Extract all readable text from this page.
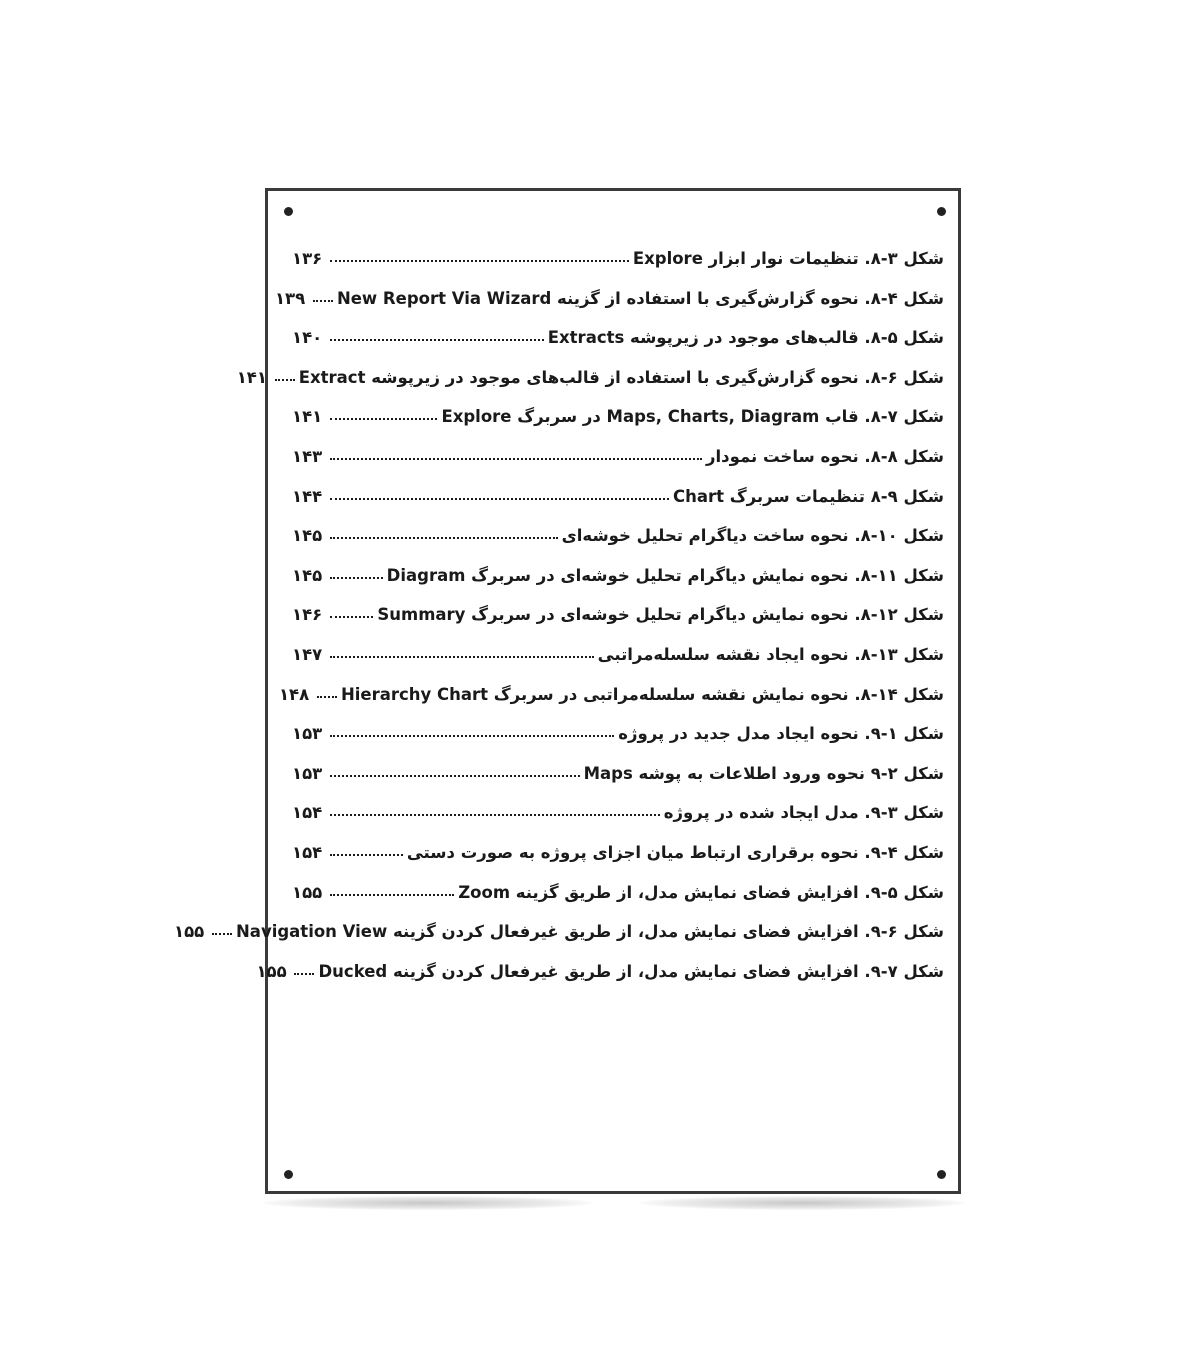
شکل ۳-۸. تنظیمات نوار ابزار Explore
۱۳۶
شکل ۴-۸. نحوه گزارش‌گیری با استفاده از گزینه New Report Via Wizard
۱۳۹
شکل ۵-۸. قالب‌های موجود در زیرپوشه Extracts
۱۴۰
شکل ۶-۸. نحوه گزارش‌گیری با استفاده از قالب‌های موجود در زیرپوشه Extract
۱۴۱
شکل ۷-۸. قاب Maps, Charts, Diagram در سربرگ Explore
۱۴۱
شکل ۸-۸. نحوه ساخت نمودار
۱۴۳
شکل ۹-۸ تنظیمات سربرگ Chart
۱۴۴
شکل ۱۰-۸. نحوه ساخت دیاگرام تحلیل خوشه‌ای
۱۴۵
شکل ۱۱-۸. نحوه نمایش دیاگرام تحلیل خوشه‌ای در سربرگ Diagram
۱۴۵
شکل ۱۲-۸. نحوه نمایش دیاگرام تحلیل خوشه‌ای در سربرگ Summary
۱۴۶
شکل ۱۳-۸. نحوه ایجاد نقشه سلسله‌مراتبی
۱۴۷
شکل ۱۴-۸. نحوه نمایش نقشه سلسله‌مراتبی در سربرگ Hierarchy Chart
۱۴۸
شکل ۱-۹. نحوه ایجاد مدل جدید در پروژه
۱۵۳
شکل ۲-۹ نحوه ورود اطلاعات به پوشه Maps
۱۵۳
شکل ۳-۹. مدل ایجاد شده در پروژه
۱۵۴
شکل ۴-۹. نحوه برقراری ارتباط میان اجزای پروژه به صورت دستی
۱۵۴
شکل ۵-۹. افزایش فضای نمایش مدل، از طریق گزینه Zoom
۱۵۵
شکل ۶-۹. افزایش فضای نمایش مدل، از طریق غیرفعال کردن گزینه Navigation View
۱۵۵
شکل ۷-۹. افزایش فضای نمایش مدل، از طریق غیرفعال کردن گزینه Ducked
۱۵۵
